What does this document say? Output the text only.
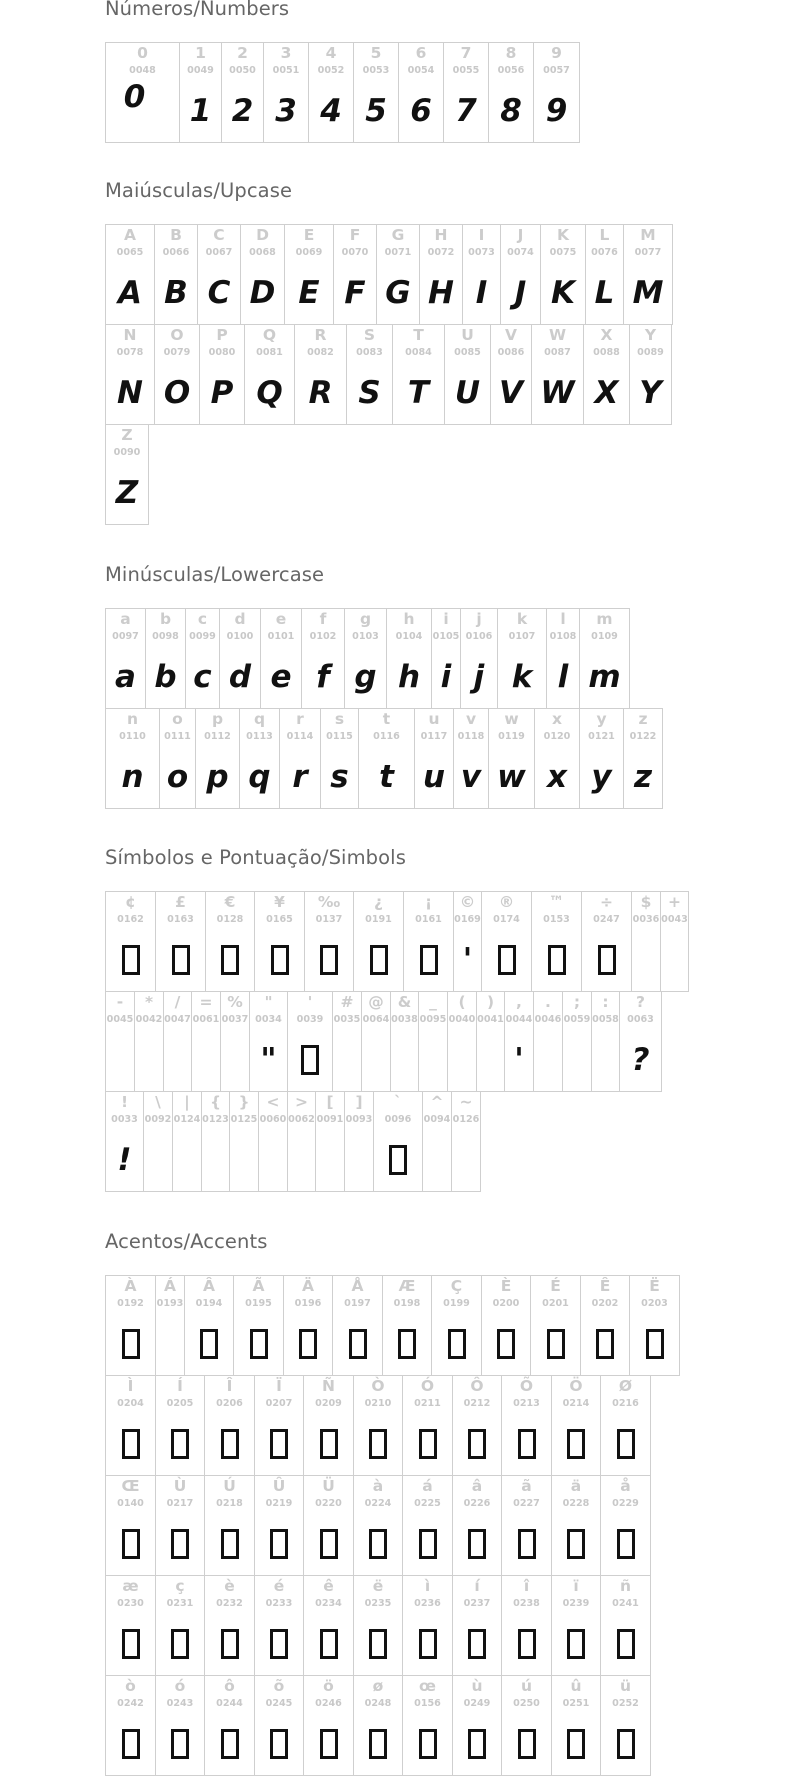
Números/Numbers
0
0048
0
1
0049
1
2
0050
2
3
0051
3
4
0052
4
5
0053
5
6
0054
6
7
0055
7
8
0056
8
9
0057
9
Maiúsculas/Upcase
A
0065
A
B
0066
B
C
0067
C
D
0068
D
E
0069
E
F
0070
F
G
0071
G
H
0072
H
I
0073
I
J
0074
J
K
0075
K
L
0076
L
M
0077
M
N
0078
N
O
0079
O
P
0080
P
Q
0081
Q
R
0082
R
S
0083
S
T
0084
T
U
0085
U
V
0086
V
W
0087
W
X
0088
X
Y
0089
Y
Z
0090
Z
Minúsculas/Lowercase
a
0097
a
b
0098
b
c
0099
c
d
0100
d
e
0101
e
f
0102
f
g
0103
g
h
0104
h
i
0105
i
j
0106
j
k
0107
k
l
0108
l
m
0109
m
n
0110
n
o
0111
o
p
0112
p
q
0113
q
r
0114
r
s
0115
s
t
0116
t
u
0117
u
v
0118
v
w
0119
w
x
0120
x
y
0121
y
z
0122
z
Símbolos e Pontuação/Simbols
¢
0162
£
0163
€
0128
¥
0165
‰
0137
¿
0191
¡
0161
©
0169
'
®
0174
™
0153
÷
0247
$
0036
+
0043
-
0045
*
0042
/
0047
=
0061
%
0037
"
0034
"
'
0039
#
0035
@
0064
&
0038
_
0095
(
0040
)
0041
,
0044
'
.
0046
;
0059
:
0058
?
0063
?
!
0033
!
\
0092
|
0124
{
0123
}
0125
<
0060
>
0062
[
0091
]
0093
`
0096
^
0094
~
0126
Acentos/Accents
À
0192
Á
0193
Â
0194
Ã
0195
Ä
0196
Å
0197
Æ
0198
Ç
0199
È
0200
É
0201
Ê
0202
Ë
0203
Ì
0204
Í
0205
Î
0206
Ï
0207
Ñ
0209
Ò
0210
Ó
0211
Ô
0212
Õ
0213
Ö
0214
Ø
0216
Œ
0140
Ù
0217
Ú
0218
Û
0219
Ü
0220
à
0224
á
0225
â
0226
ã
0227
ä
0228
å
0229
æ
0230
ç
0231
è
0232
é
0233
ê
0234
ë
0235
ì
0236
í
0237
î
0238
ï
0239
ñ
0241
ò
0242
ó
0243
ô
0244
õ
0245
ö
0246
ø
0248
œ
0156
ù
0249
ú
0250
û
0251
ü
0252
